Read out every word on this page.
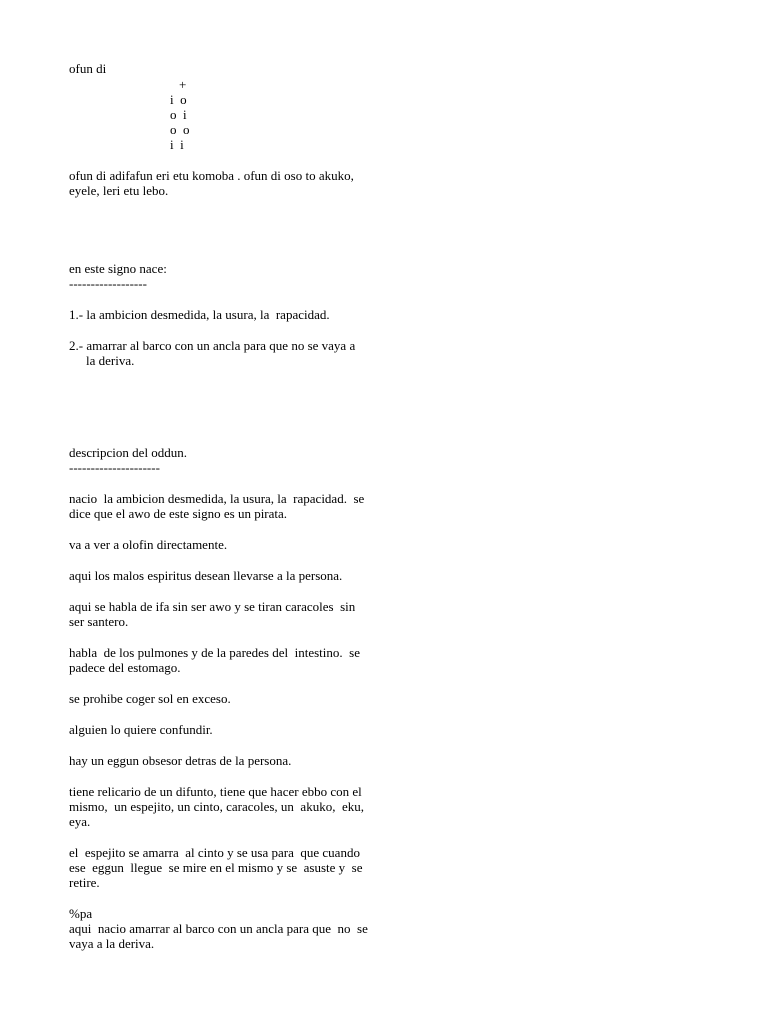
ofun di
+
i  o
o  i
o  o
i  i
ofun di adifafun eri etu komoba . ofun di oso to akuko,
eyele, leri etu lebo.
en este signo nace:
------------------
1.- la ambicion desmedida, la usura, la  rapacidad.
2.- amarrar al barco con un ancla para que no se vaya a
la deriva.
descripcion del oddun.
---------------------
nacio  la ambicion desmedida, la usura, la  rapacidad.  se
dice que el awo de este signo es un pirata.
va a ver a olofin directamente.
aqui los malos espiritus desean llevarse a la persona.
aqui se habla de ifa sin ser awo y se tiran caracoles  sin
ser santero.
habla  de los pulmones y de la paredes del  intestino.  se
padece del estomago.
se prohibe coger sol en exceso.
alguien lo quiere confundir.
hay un eggun obsesor detras de la persona.
tiene relicario de un difunto, tiene que hacer ebbo con el
mismo,  un espejito, un cinto, caracoles, un  akuko,  eku,
eya.
el  espejito se amarra  al cinto y se usa para  que cuando
ese  eggun  llegue  se mire en el mismo y se  asuste y  se
retire.
%pa
aqui  nacio amarrar al barco con un ancla para que  no  se
vaya a la deriva.
